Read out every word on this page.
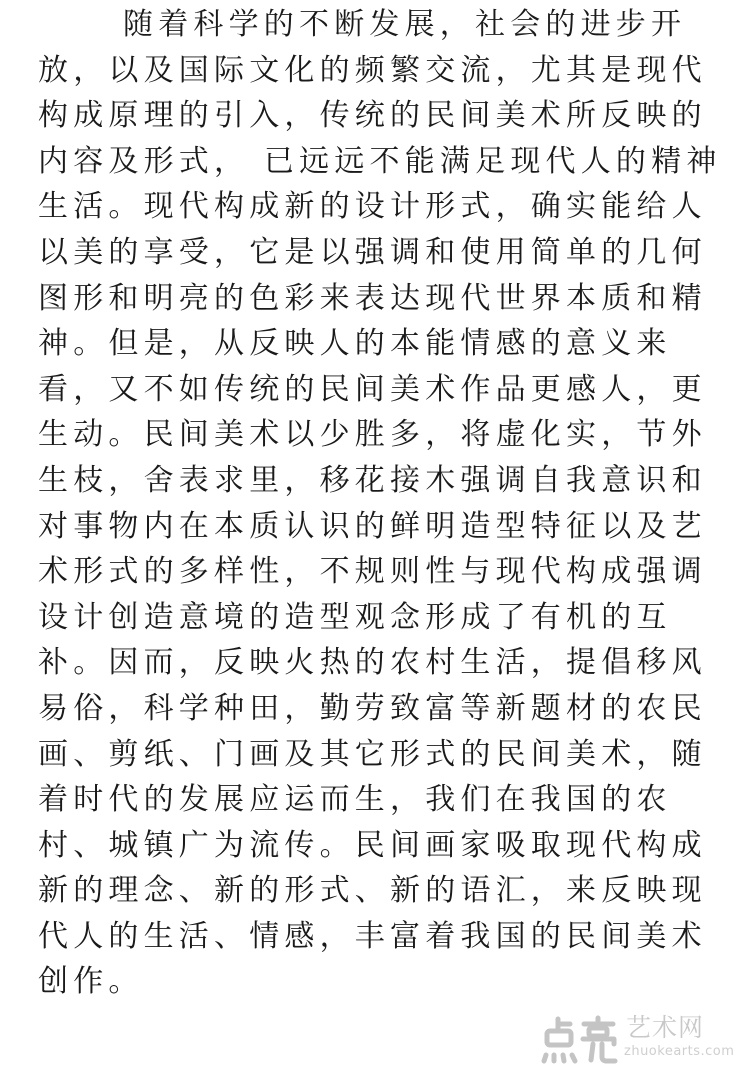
随着科学的不断发展，社会的进步开
放，以及国际文化的频繁交流，尤其是现代
构成原理的引入，传统的民间美术所反映的
内容及形式， 已远远不能满足现代人的精神
生活。现代构成新的设计形式，确实能给人
以美的享受，它是以强调和使用简单的几何
图形和明亮的色彩来表达现代世界本质和精
神。但是，从反映人的本能情感的意义来
看，又不如传统的民间美术作品更感人，更
生动。民间美术以少胜多，将虚化实，节外
生枝，舍表求里，移花接木强调自我意识和
对事物内在本质认识的鲜明造型特征以及艺
术形式的多样性，不规则性与现代构成强调
设计创造意境的造型观念形成了有机的互
补。因而，反映火热的农村生活，提倡移风
易俗，科学种田，勤劳致富等新题材的农民
画、剪纸、门画及其它形式的民间美术，随
着时代的发展应运而生，我们在我国的农
村、城镇广为流传。民间画家吸取现代构成
新的理念、新的形式、新的语汇，来反映现
代人的生活、情感，丰富着我国的民间美术
创作。
艺术网
zhuokearts.com
